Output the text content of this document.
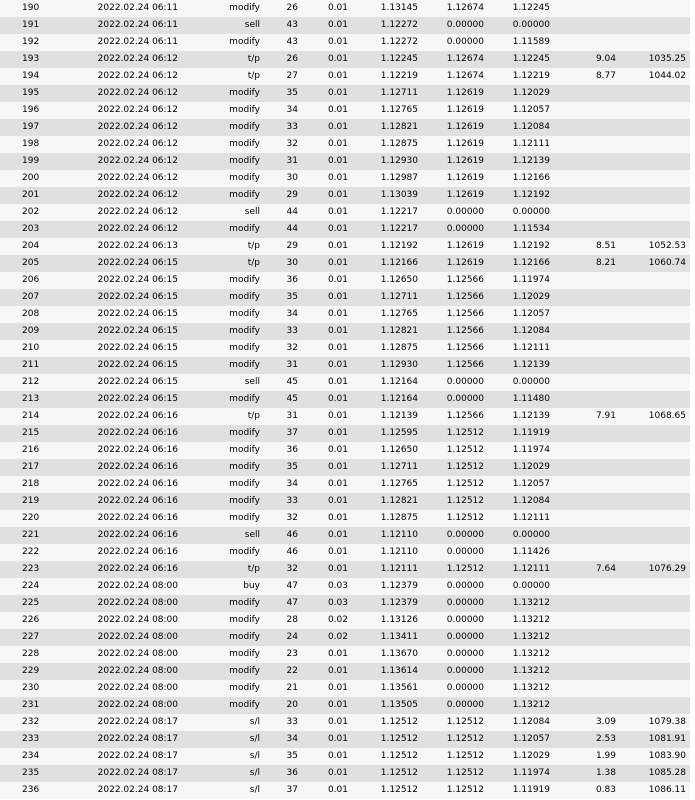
190	2022.02.24 06:11	modify	26	0.01	1.13145	1.12674	1.12245		
191	2022.02.24 06:11	sell	43	0.01	1.12272	0.00000	0.00000		
192	2022.02.24 06:11	modify	43	0.01	1.12272	0.00000	1.11589		
193	2022.02.24 06:12	t/p	26	0.01	1.12245	1.12674	1.12245	9.04	1035.25
194	2022.02.24 06:12	t/p	27	0.01	1.12219	1.12674	1.12219	8.77	1044.02
195	2022.02.24 06:12	modify	35	0.01	1.12711	1.12619	1.12029		
196	2022.02.24 06:12	modify	34	0.01	1.12765	1.12619	1.12057		
197	2022.02.24 06:12	modify	33	0.01	1.12821	1.12619	1.12084		
198	2022.02.24 06:12	modify	32	0.01	1.12875	1.12619	1.12111		
199	2022.02.24 06:12	modify	31	0.01	1.12930	1.12619	1.12139		
200	2022.02.24 06:12	modify	30	0.01	1.12987	1.12619	1.12166		
201	2022.02.24 06:12	modify	29	0.01	1.13039	1.12619	1.12192		
202	2022.02.24 06:12	sell	44	0.01	1.12217	0.00000	0.00000		
203	2022.02.24 06:12	modify	44	0.01	1.12217	0.00000	1.11534		
204	2022.02.24 06:13	t/p	29	0.01	1.12192	1.12619	1.12192	8.51	1052.53
205	2022.02.24 06:15	t/p	30	0.01	1.12166	1.12619	1.12166	8.21	1060.74
206	2022.02.24 06:15	modify	36	0.01	1.12650	1.12566	1.11974		
207	2022.02.24 06:15	modify	35	0.01	1.12711	1.12566	1.12029		
208	2022.02.24 06:15	modify	34	0.01	1.12765	1.12566	1.12057		
209	2022.02.24 06:15	modify	33	0.01	1.12821	1.12566	1.12084		
210	2022.02.24 06:15	modify	32	0.01	1.12875	1.12566	1.12111		
211	2022.02.24 06:15	modify	31	0.01	1.12930	1.12566	1.12139		
212	2022.02.24 06:15	sell	45	0.01	1.12164	0.00000	0.00000		
213	2022.02.24 06:15	modify	45	0.01	1.12164	0.00000	1.11480		
214	2022.02.24 06:16	t/p	31	0.01	1.12139	1.12566	1.12139	7.91	1068.65
215	2022.02.24 06:16	modify	37	0.01	1.12595	1.12512	1.11919		
216	2022.02.24 06:16	modify	36	0.01	1.12650	1.12512	1.11974		
217	2022.02.24 06:16	modify	35	0.01	1.12711	1.12512	1.12029		
218	2022.02.24 06:16	modify	34	0.01	1.12765	1.12512	1.12057		
219	2022.02.24 06:16	modify	33	0.01	1.12821	1.12512	1.12084		
220	2022.02.24 06:16	modify	32	0.01	1.12875	1.12512	1.12111		
221	2022.02.24 06:16	sell	46	0.01	1.12110	0.00000	0.00000		
222	2022.02.24 06:16	modify	46	0.01	1.12110	0.00000	1.11426		
223	2022.02.24 06:16	t/p	32	0.01	1.12111	1.12512	1.12111	7.64	1076.29
224	2022.02.24 08:00	buy	47	0.03	1.12379	0.00000	0.00000		
225	2022.02.24 08:00	modify	47	0.03	1.12379	0.00000	1.13212		
226	2022.02.24 08:00	modify	28	0.02	1.13126	0.00000	1.13212		
227	2022.02.24 08:00	modify	24	0.02	1.13411	0.00000	1.13212		
228	2022.02.24 08:00	modify	23	0.01	1.13670	0.00000	1.13212		
229	2022.02.24 08:00	modify	22	0.01	1.13614	0.00000	1.13212		
230	2022.02.24 08:00	modify	21	0.01	1.13561	0.00000	1.13212		
231	2022.02.24 08:00	modify	20	0.01	1.13505	0.00000	1.13212		
232	2022.02.24 08:17	s/l	33	0.01	1.12512	1.12512	1.12084	3.09	1079.38
233	2022.02.24 08:17	s/l	34	0.01	1.12512	1.12512	1.12057	2.53	1081.91
234	2022.02.24 08:17	s/l	35	0.01	1.12512	1.12512	1.12029	1.99	1083.90
235	2022.02.24 08:17	s/l	36	0.01	1.12512	1.12512	1.11974	1.38	1085.28
236	2022.02.24 08:17	s/l	37	0.01	1.12512	1.12512	1.11919	0.83	1086.11
